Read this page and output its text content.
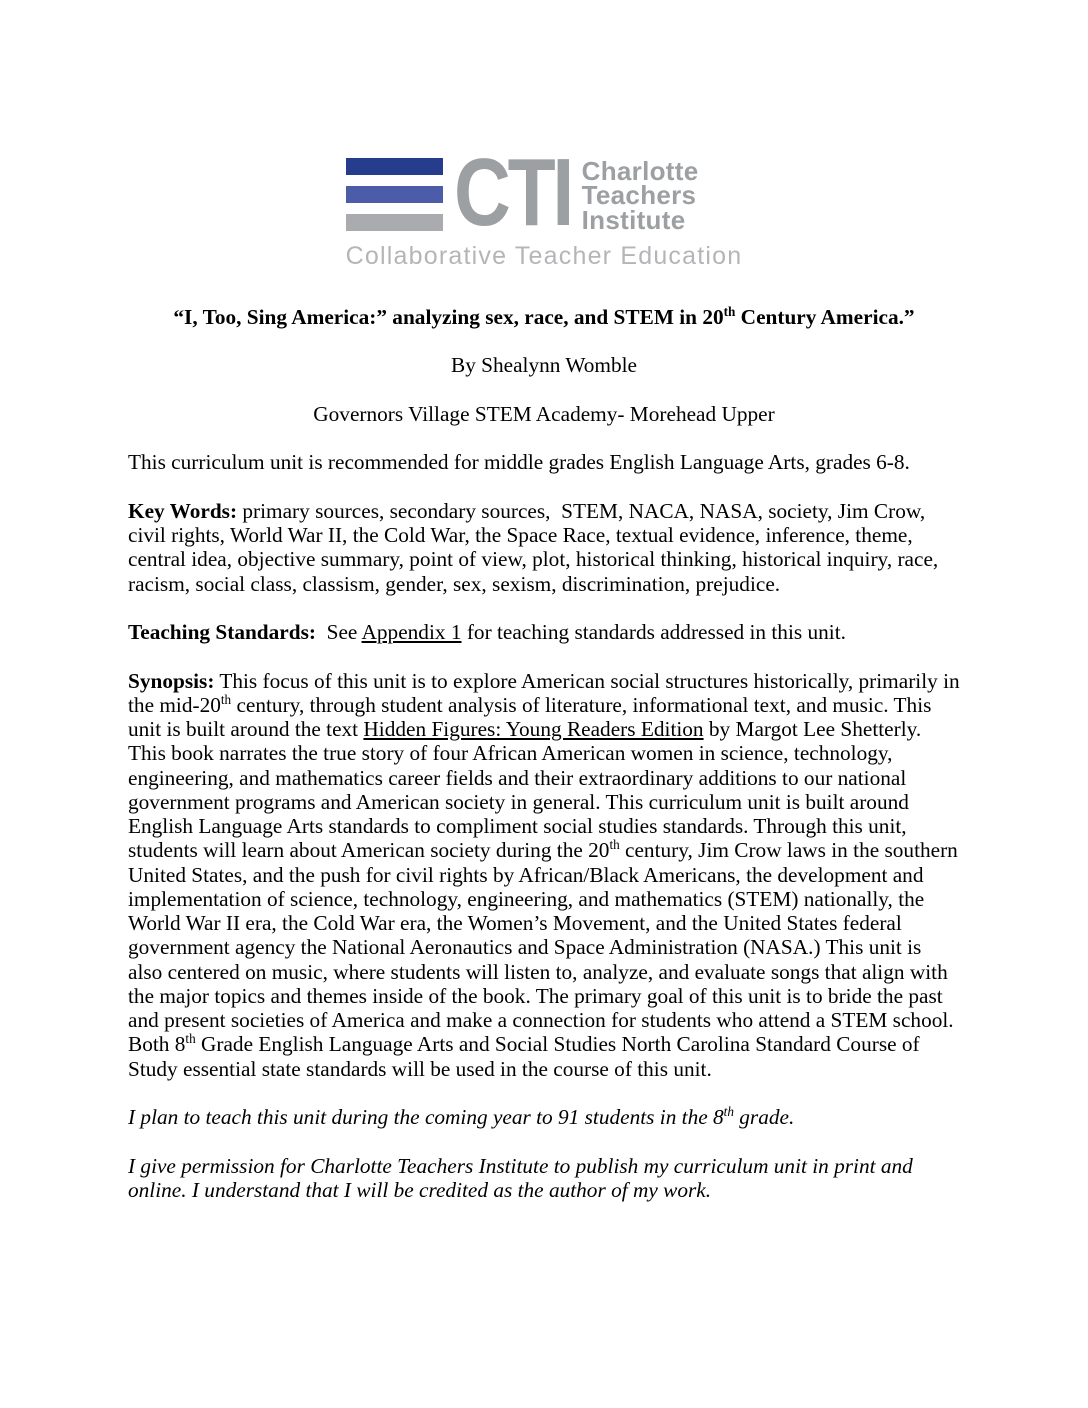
CTI Charlotte
Teachers
Institute
Collaborative Teacher Education

“I, Too, Sing America:” analyzing sex, race, and STEM in 20th Century America.”

By Shealynn Womble

Governors Village STEM Academy- Morehead Upper

This curriculum unit is recommended for middle grades English Language Arts, grades 6-8.

Key Words: primary sources, secondary sources,  STEM, NACA, NASA, society, Jim Crow, civil rights, World War II, the Cold War, the Space Race, textual evidence, inference, theme, central idea, objective summary, point of view, plot, historical thinking, historical inquiry, race, racism, social class, classism, gender, sex, sexism, discrimination, prejudice.

Teaching Standards:  See Appendix 1 for teaching standards addressed in this unit.

Synopsis: This focus of this unit is to explore American social structures historically, primarily in the mid-20th century, through student analysis of literature, informational text, and music. This unit is built around the text Hidden Figures: Young Readers Edition by Margot Lee Shetterly. This book narrates the true story of four African American women in science, technology, engineering, and mathematics career fields and their extraordinary additions to our national government programs and American society in general. This curriculum unit is built around English Language Arts standards to compliment social studies standards. Through this unit, students will learn about American society during the 20th century, Jim Crow laws in the southern United States, and the push for civil rights by African/Black Americans, the development and implementation of science, technology, engineering, and mathematics (STEM) nationally, the World War II era, the Cold War era, the Women’s Movement, and the United States federal government agency the National Aeronautics and Space Administration (NASA.) This unit is also centered on music, where students will listen to, analyze, and evaluate songs that align with the major topics and themes inside of the book. The primary goal of this unit is to bride the past and present societies of America and make a connection for students who attend a STEM school. Both 8th Grade English Language Arts and Social Studies North Carolina Standard Course of Study essential state standards will be used in the course of this unit.

I plan to teach this unit during the coming year to 91 students in the 8th grade.

I give permission for Charlotte Teachers Institute to publish my curriculum unit in print and online. I understand that I will be credited as the author of my work.
